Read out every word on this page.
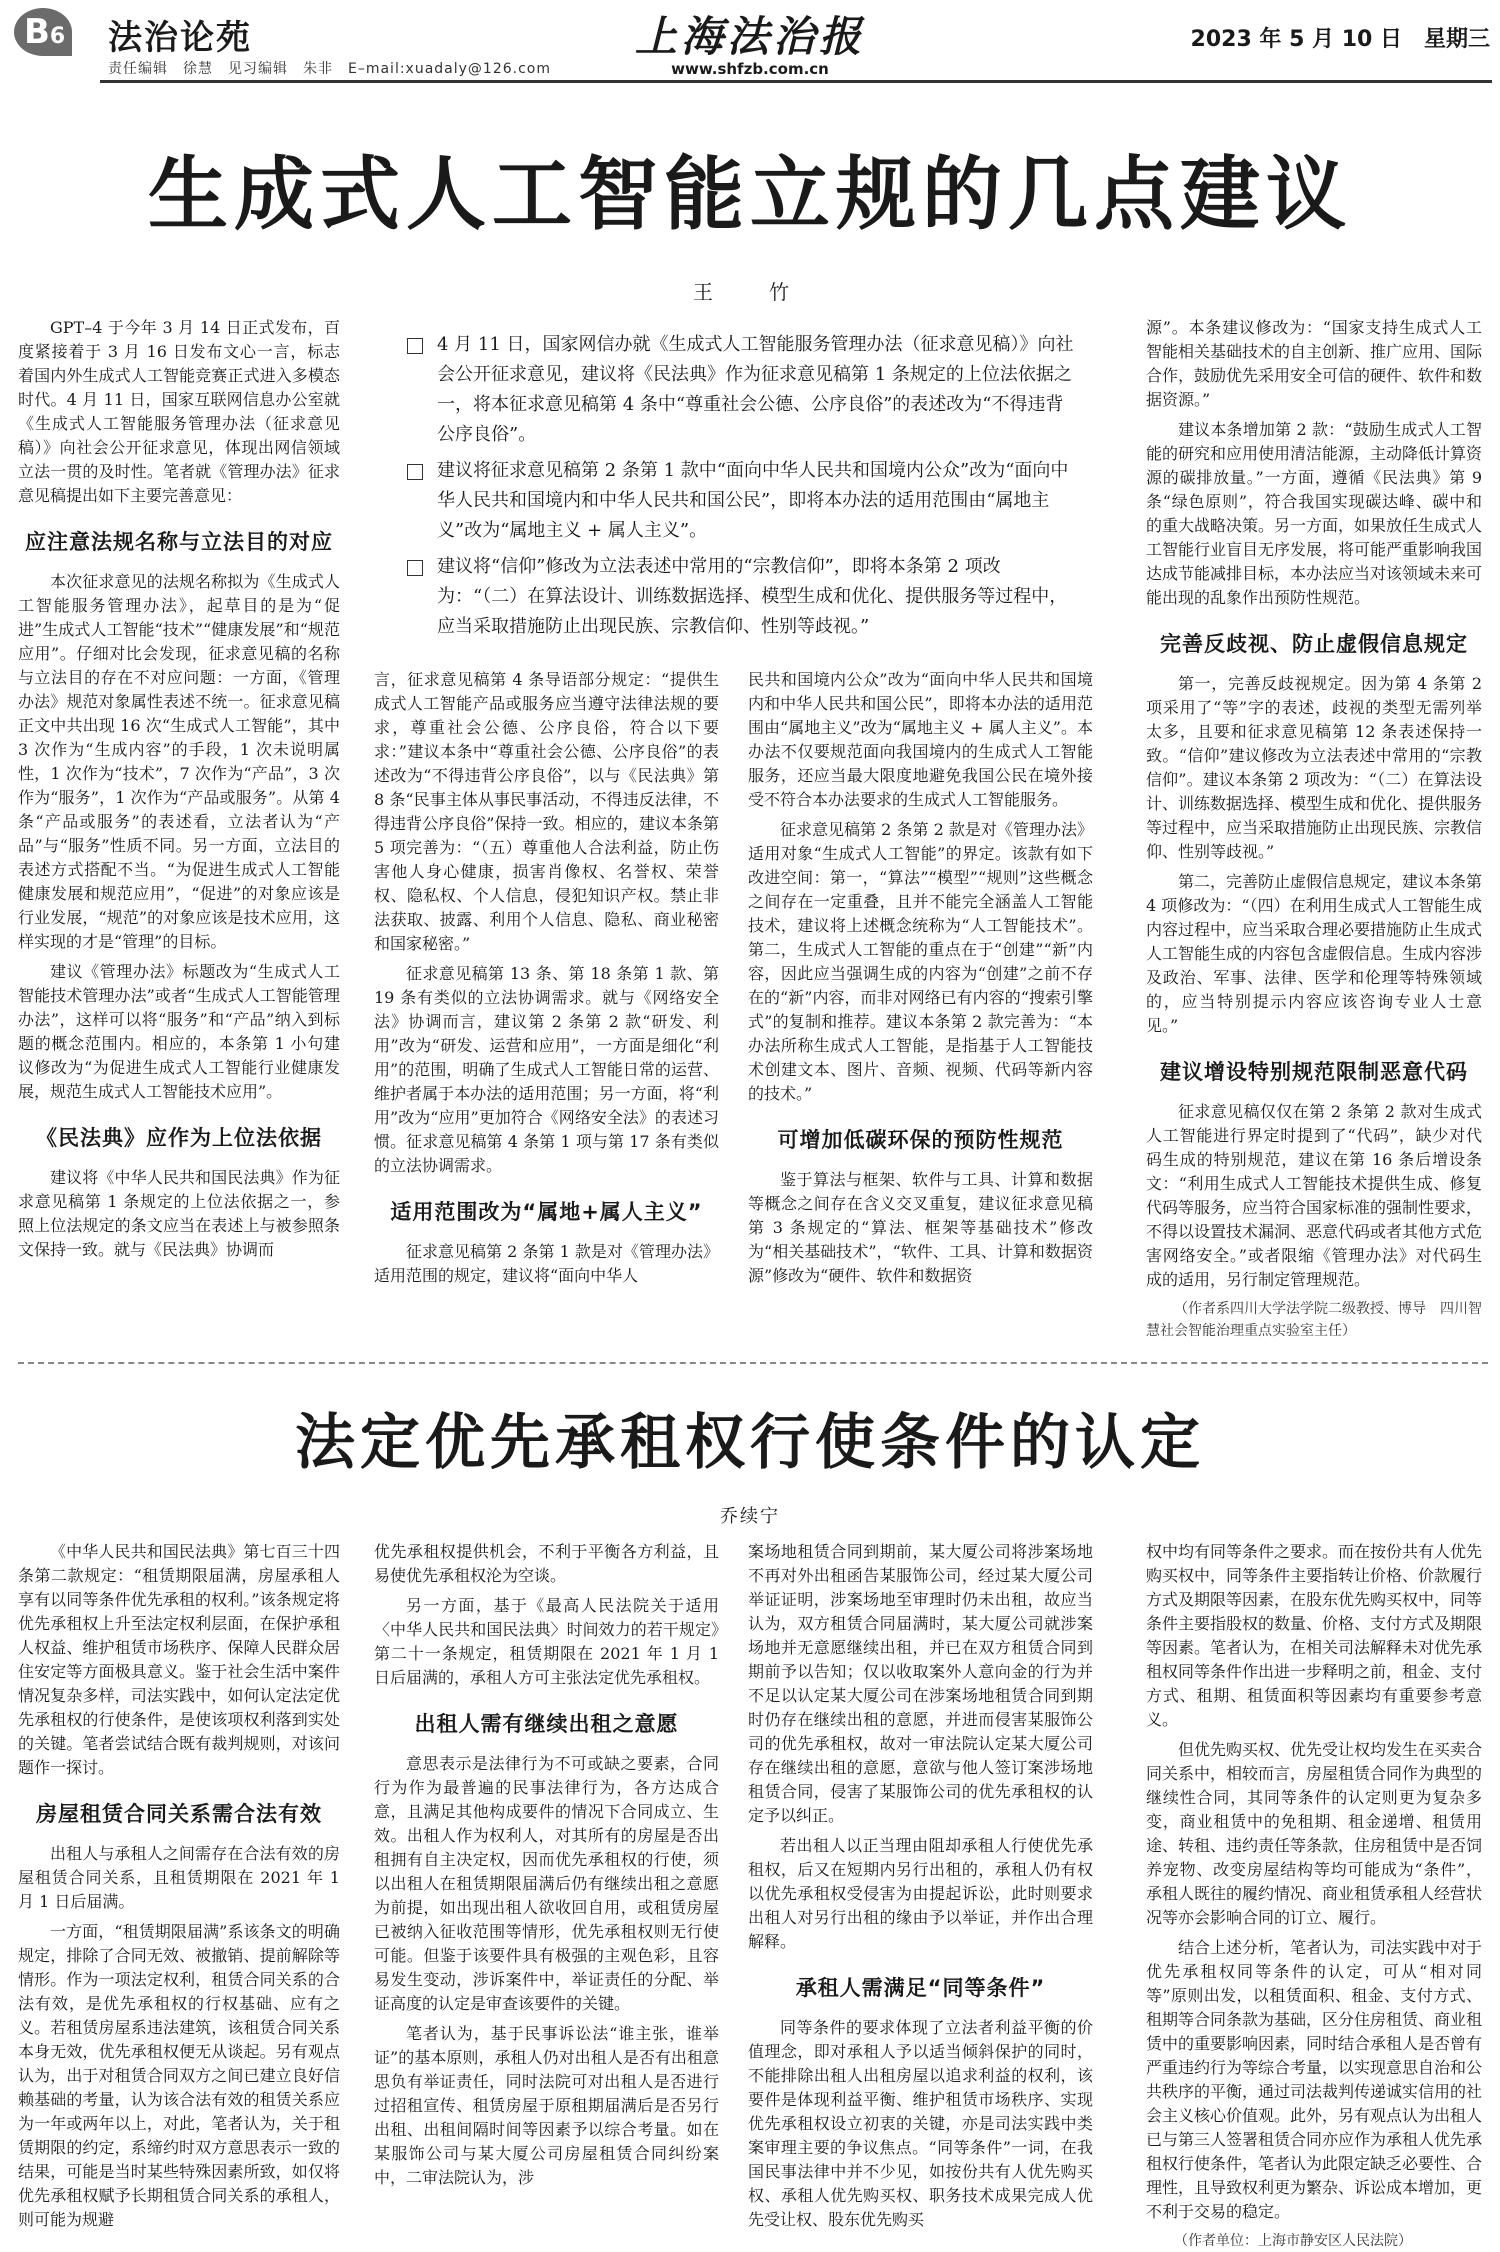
B6 法治论苑
责任编辑　徐慧　见习编辑　朱非　E–mail:xuadaly@126.com
上海法治报
www.shfzb.com.cn
2023 年 5 月 10 日　星期三
生成式人工智能立规的几点建议
王　竹

GPT–4 于今年 3 月 14 日正式发布，百度紧接着于 3 月 16 日发布文心一言，标志着国内外生成式人工智能竞赛正式进入多模态时代。4 月 11 日，国家互联网信息办公室就《生成式人工智能服务管理办法（征求意见稿）》向社会公开征求意见，体现出网信领域立法一贯的及时性。笔者就《管理办法》征求意见稿提出如下主要完善意见：

应注意法规名称与立法目的对应

本次征求意见的法规名称拟为《生成式人工智能服务管理办法》，起草目的是为“促进”生成式人工智能“技术”“健康发展”和“规范应用”。仔细对比会发现，征求意见稿的名称与立法目的存在不对应问题：一方面，《管理办法》规范对象属性表述不统一。征求意见稿正文中共出现 16 次“生成式人工智能”，其中 3 次作为“生成内容”的手段，1 次未说明属性，1 次作为“技术”，7 次作为“产品”，3 次作为“服务”，1 次作为“产品或服务”。从第 4 条“产品或服务”的表述看，立法者认为“产品”与“服务”性质不同。另一方面，立法目的表述方式搭配不当。“为促进生成式人工智能健康发展和规范应用”，“促进”的对象应该是行业发展，“规范”的对象应该是技术应用，这样实现的才是“管理”的目标。

建议《管理办法》标题改为“生成式人工智能技术管理办法”或者“生成式人工智能管理办法”，这样可以将“服务”和“产品”纳入到标题的概念范围内。相应的，本条第 1 小句建议修改为“为促进生成式人工智能行业健康发展，规范生成式人工智能技术应用”。

《民法典》应作为上位法依据

建议将《中华人民共和国民法典》作为征求意见稿第 1 条规定的上位法依据之一，参照上位法规定的条文应当在表述上与被参照条文保持一致。就与《民法典》协调而

4 月 11 日，国家网信办就《生成式人工智能服务管理办法（征求意见稿）》向社会公开征求意见，建议将《民法典》作为征求意见稿第 1 条规定的上位法依据之一，将本征求意见稿第 4 条中“尊重社会公德、公序良俗”的表述改为“不得违背公序良俗”。
建议将征求意见稿第 2 条第 1 款中“面向中华人民共和国境内公众”改为“面向中华人民共和国境内和中华人民共和国公民”，即将本办法的适用范围由“属地主义”改为“属地主义 + 属人主义”。
建议将“信仰”修改为立法表述中常用的“宗教信仰”，即将本条第 2 项改为：“（二）在算法设计、训练数据选择、模型生成和优化、提供服务等过程中，应当采取措施防止出现民族、宗教信仰、性别等歧视。”

言，征求意见稿第 4 条导语部分规定：“提供生成式人工智能产品或服务应当遵守法律法规的要求，尊重社会公德、公序良俗，符合以下要求：”建议本条中“尊重社会公德、公序良俗”的表述改为“不得违背公序良俗”，以与《民法典》第 8 条“民事主体从事民事活动，不得违反法律，不得违背公序良俗”保持一致。相应的，建议本条第 5 项完善为：“（五）尊重他人合法利益，防止伤害他人身心健康，损害肖像权、名誉权、荣誉权、隐私权、个人信息，侵犯知识产权。禁止非法获取、披露、利用个人信息、隐私、商业秘密和国家秘密。”

征求意见稿第 13 条、第 18 条第 1 款、第 19 条有类似的立法协调需求。就与《网络安全法》协调而言，建议第 2 条第 2 款“研发、利用”改为“研发、运营和应用”，一方面是细化“利用”的范围，明确了生成式人工智能日常的运营、维护者属于本办法的适用范围；另一方面，将“利用”改为“应用”更加符合《网络安全法》的表述习惯。征求意见稿第 4 条第 1 项与第 17 条有类似的立法协调需求。

适用范围改为“属地+属人主义”

征求意见稿第 2 条第 1 款是对《管理办法》适用范围的规定，建议将“面向中华人

民共和国境内公众”改为“面向中华人民共和国境内和中华人民共和国公民”，即将本办法的适用范围由“属地主义”改为“属地主义 + 属人主义”。本办法不仅要规范面向我国境内的生成式人工智能服务，还应当最大限度地避免我国公民在境外接受不符合本办法要求的生成式人工智能服务。

征求意见稿第 2 条第 2 款是对《管理办法》适用对象“生成式人工智能”的界定。该款有如下改进空间：第一，“算法”“模型”“规则”这些概念之间存在一定重叠，且并不能完全涵盖人工智能技术，建议将上述概念统称为“人工智能技术”。第二，生成式人工智能的重点在于“创建”“新”内容，因此应当强调生成的内容为“创建”之前不存在的“新”内容，而非对网络已有内容的“搜索引擎式”的复制和推荐。建议本条第 2 款完善为：“本办法所称生成式人工智能，是指基于人工智能技术创建文本、图片、音频、视频、代码等新内容的技术。”

可增加低碳环保的预防性规范

鉴于算法与框架、软件与工具、计算和数据等概念之间存在含义交叉重复，建议征求意见稿第 3 条规定的“算法、框架等基础技术”修改为“相关基础技术”，“软件、工具、计算和数据资源”修改为“硬件、软件和数据资

源”。本条建议修改为：“国家支持生成式人工智能相关基础技术的自主创新、推广应用、国际合作，鼓励优先采用安全可信的硬件、软件和数据资源。”

建议本条增加第 2 款：“鼓励生成式人工智能的研究和应用使用清洁能源，主动降低计算资源的碳排放量。”一方面，遵循《民法典》第 9 条“绿色原则”，符合我国实现碳达峰、碳中和的重大战略决策。另一方面，如果放任生成式人工智能行业盲目无序发展，将可能严重影响我国达成节能减排目标，本办法应当对该领域未来可能出现的乱象作出预防性规范。

完善反歧视、防止虚假信息规定

第一，完善反歧视规定。因为第 4 条第 2 项采用了“等”字的表述，歧视的类型无需列举太多，且要和征求意见稿第 12 条表述保持一致。“信仰”建议修改为立法表述中常用的“宗教信仰”。建议本条第 2 项改为：“（二）在算法设计、训练数据选择、模型生成和优化、提供服务等过程中，应当采取措施防止出现民族、宗教信仰、性别等歧视。”

第二，完善防止虚假信息规定，建议本条第 4 项修改为：“（四）在利用生成式人工智能生成内容过程中，应当采取合理必要措施防止生成式人工智能生成的内容包含虚假信息。生成内容涉及政治、军事、法律、医学和伦理等特殊领域的，应当特别提示内容应该咨询专业人士意见。”

建议增设特别规范限制恶意代码

征求意见稿仅仅在第 2 条第 2 款对生成式人工智能进行界定时提到了“代码”，缺少对代码生成的特别规范，建议在第 16 条后增设条文：“利用生成式人工智能技术提供生成、修复代码等服务，应当符合国家标准的强制性要求，不得以设置技术漏洞、恶意代码或者其他方式危害网络安全。”或者限缩《管理办法》对代码生成的适用，另行制定管理规范。

（作者系四川大学法学院二级教授、博导　四川智慧社会智能治理重点实验室主任）

法定优先承租权行使条件的认定
乔续宁

《中华人民共和国民法典》第七百三十四条第二款规定：“租赁期限届满，房屋承租人享有以同等条件优先承租的权利。”该条规定将优先承租权上升至法定权利层面，在保护承租人权益、维护租赁市场秩序、保障人民群众居住安定等方面极具意义。鉴于社会生活中案件情况复杂多样，司法实践中，如何认定法定优先承租权的行使条件，是使该项权利落到实处的关键。笔者尝试结合既有裁判规则，对该问题作一探讨。

房屋租赁合同关系需合法有效

出租人与承租人之间需存在合法有效的房屋租赁合同关系，且租赁期限在 2021 年 1 月 1 日后届满。

一方面，“租赁期限届满”系该条文的明确规定，排除了合同无效、被撤销、提前解除等情形。作为一项法定权利，租赁合同关系的合法有效，是优先承租权的行权基础、应有之义。若租赁房屋系违法建筑，该租赁合同关系本身无效，优先承租权便无从谈起。另有观点认为，出于对租赁合同双方之间已建立良好信赖基础的考量，认为该合法有效的租赁关系应为一年或两年以上，对此，笔者认为，关于租赁期限的约定，系缔约时双方意思表示一致的结果，可能是当时某些特殊因素所致，如仅将优先承租权赋予长期租赁合同关系的承租人，则可能为规避

优先承租权提供机会，不利于平衡各方利益，且易使优先承租权沦为空谈。

另一方面，基于《最高人民法院关于适用〈中华人民共和国民法典〉时间效力的若干规定》第二十一条规定，租赁期限在 2021 年 1 月 1 日后届满的，承租人方可主张法定优先承租权。

出租人需有继续出租之意愿

意思表示是法律行为不可或缺之要素，合同行为作为最普遍的民事法律行为，各方达成合意，且满足其他构成要件的情况下合同成立、生效。出租人作为权利人，对其所有的房屋是否出租拥有自主决定权，因而优先承租权的行使，须以出租人在租赁期限届满后仍有继续出租之意愿为前提，如出现出租人欲收回自用，或租赁房屋已被纳入征收范围等情形，优先承租权则无行使可能。但鉴于该要件具有极强的主观色彩，且容易发生变动，涉诉案件中，举证责任的分配、举证高度的认定是审查该要件的关键。

笔者认为，基于民事诉讼法“谁主张，谁举证”的基本原则，承租人仍对出租人是否有出租意思负有举证责任，同时法院可对出租人是否进行过招租宣传、租赁房屋于原租期届满后是否另行出租、出租间隔时间等因素予以综合考量。如在某服饰公司与某大厦公司房屋租赁合同纠纷案中，二审法院认为，涉

案场地租赁合同到期前，某大厦公司将涉案场地不再对外出租函告某服饰公司，经过某大厦公司举证证明，涉案场地至审理时仍未出租，故应当认为，双方租赁合同届满时，某大厦公司就涉案场地并无意愿继续出租，并已在双方租赁合同到期前予以告知；仅以收取案外人意向金的行为并不足以认定某大厦公司在涉案场地租赁合同到期时仍存在继续出租的意愿，并进而侵害某服饰公司的优先承租权，故对一审法院认定某大厦公司存在继续出租的意愿，意欲与他人签订案涉场地租赁合同，侵害了某服饰公司的优先承租权的认定予以纠正。

若出租人以正当理由阻却承租人行使优先承租权，后又在短期内另行出租的，承租人仍有权以优先承租权受侵害为由提起诉讼，此时则要求出租人对另行出租的缘由予以举证，并作出合理解释。

承租人需满足“同等条件”

同等条件的要求体现了立法者利益平衡的价值理念，即对承租人予以适当倾斜保护的同时，不能排除出租人出租房屋以追求利益的权利，该要件是体现利益平衡、维护租赁市场秩序、实现优先承租权设立初衷的关键，亦是司法实践中类案审理主要的争议焦点。“同等条件”一词，在我国民事法律中并不少见，如按份共有人优先购买权、承租人优先购买权、职务技术成果完成人优先受让权、股东优先购买

权中均有同等条件之要求。而在按份共有人优先购买权中，同等条件主要指转让价格、价款履行方式及期限等因素，在股东优先购买权中，同等条件主要指股权的数量、价格、支付方式及期限等因素。笔者认为，在相关司法解释未对优先承租权同等条件作出进一步释明之前，租金、支付方式、租期、租赁面积等因素均有重要参考意义。

但优先购买权、优先受让权均发生在买卖合同关系中，相较而言，房屋租赁合同作为典型的继续性合同，其同等条件的认定则更为复杂多变，商业租赁中的免租期、租金递增、租赁用途、转租、违约责任等条款，住房租赁中是否饲养宠物、改变房屋结构等均可能成为“条件”，承租人既往的履约情况、商业租赁承租人经营状况等亦会影响合同的订立、履行。

结合上述分析，笔者认为，司法实践中对于优先承租权同等条件的认定，可从“相对同等”原则出发，以租赁面积、租金、支付方式、租期等合同条款为基础，区分住房租赁、商业租赁中的重要影响因素，同时结合承租人是否曾有严重违约行为等综合考量，以实现意思自治和公共秩序的平衡，通过司法裁判传递诚实信用的社会主义核心价值观。此外，另有观点认为出租人已与第三人签署租赁合同亦应作为承租人优先承租权行使条件，笔者认为此限定缺乏必要性、合理性，且导致权利更为繁杂、诉讼成本增加，更不利于交易的稳定。

（作者单位：上海市静安区人民法院）
